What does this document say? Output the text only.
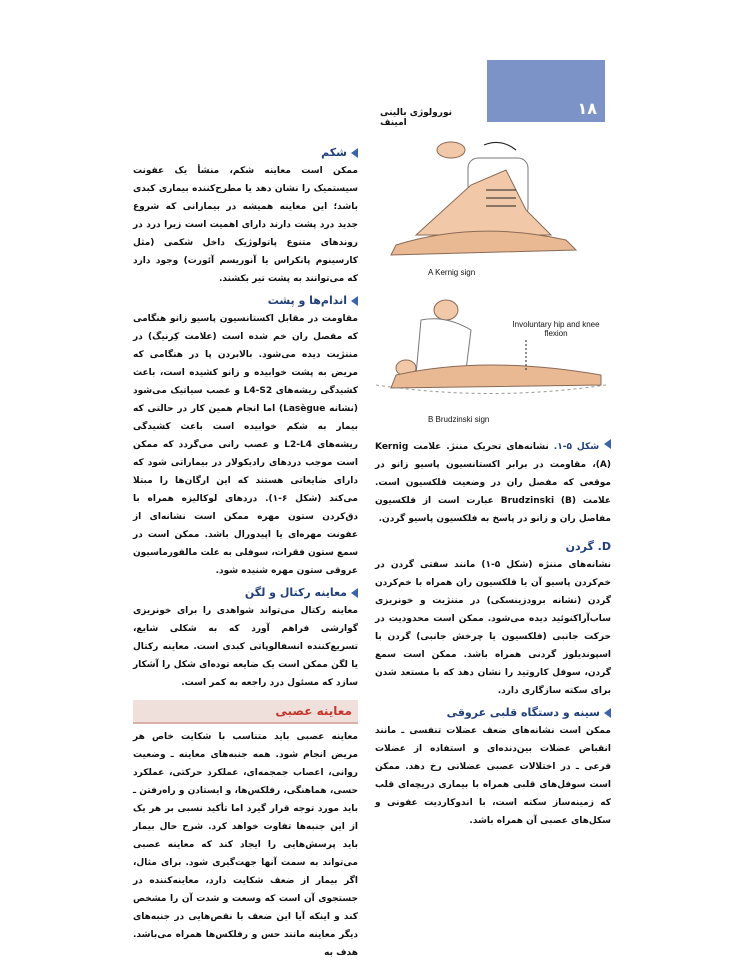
۱۸
نورولوژی بالینی امینف
A Kernig sign
Involuntary hip and knee flexion
B Brudzinski sign
شکم

ممکن است معاینه شکم، منشأ یک عفونت سیستمیک را نشان دهد یا مطرح‌کننده بیماری کبدی باشد؛ این معاینه همیشه در بیمارانی که شروع جدید درد پشت دارند دارای اهمیت است زیرا درد در روندهای متنوع پاتولوژیک داخل شکمی (مثل کارسینوم پانکراس یا آنوریسم آئورت) وجود دارد که می‌توانند به پشت تیر بکشند.

اندام‌ها و پشت

مقاومت در مقابل اکستانسیون پاسیو زانو هنگامی که مفصل ران خم شده است (علامت کِرنیگ) در مننژیت دیده می‌شود. بالابردن پا در هنگامی که مریض به پشت خوابیده و زانو کشیده است، باعث کشیدگی ریشه‌های L4-S2 و عصب سیاتیک می‌شود (نشانه Lasègue) اما انجام همین کار در حالتی که بیمار به شکم خوابیده است باعث کشیدگی ریشه‌های L2-L4 و عصب رانی می‌گردد که ممکن است موجب دردهای رادیکولار در بیماراتی شود که دارای ضایعاتی هستند که این ارگان‌ها را مبتلا می‌کند (شکل ۶-۱). دردهای لوکالیزه همراه با دق‌کردن ستون مهره ممکن است نشانه‌ای از عفونت مهره‌ای یا اپیدورال باشد. ممکن است در سمع ستون فقرات، سوفلی به علت مالفورماسیون عروقی ستون مهره شنیده شود.

معاینه رکتال و لگن

معاینه رکتال می‌تواند شواهدی را برای خونریزی گوارشی فراهم آورد که به شکلی شایع، تسریع‌کننده انسفالوپاتی کبدی است. معاینه رکتال یا لگن ممکن است یک ضایعه توده‌ای شکل را آشکار سازد که مسئول درد راجعه به کمر است.

معاینه عصبی

معاینه عصبی باید متناسب با شکایت خاص هر مریض انجام شود. همه جنبه‌های معاینه ـ وضعیت روانی، اعصاب جمجمه‌ای، عملکرد حرکتی، عملکرد حسی، هماهنگی، رفلکس‌ها، و ایستادن و راه‌رفتن ـ باید مورد توجه قرار گیرد اما تأکید نسبی بر هر یک از این جنبه‌ها تفاوت خواهد کرد. شرح حال بیمار باید پرسش‌هایی را ایجاد کند که معاینه عصبی می‌تواند به سمت آنها جهت‌گیری شود. برای مثال، اگر بیمار از ضعف شکایت دارد، معاینه‌کننده در جستجوی آن است که وسعت و شدت آن را مشخص کند و اینکه آیا این ضعف با نقص‌هایی در جنبه‌های دیگر معاینه مانند حس و رفلکس‌ها همراه می‌باشد. هدف به

شکل ۵-۱. نشانه‌های تحریک مننژ. علامت Kernig (A)، مقاومت در برابر اکستانسیون پاسیو زانو در موقعی که مفصل ران در وضعیت فلکسیون است. علامت Brudzinski (B) عبارت است از فلکسیون مفاصل ران و زانو در پاسخ به فلکسیون پاسیو گردن.

D. گردن

نشانه‌های مننژه (شکل ۵-۱) مانند سفتی گردن در خم‌کردن پاسیو آن یا فلکسیون ران همراه با خم‌کردن گردن (نشانه برودزینسکی) در مننژیت و خونریزی ساب‌آراکنوئید دیده می‌شود. ممکن است محدودیت در حرکت جانبی (فلکسیون یا چرخش جانبی) گردن با اسپوندیلوز گردنی همراه باشد. ممکن است سمع گردن، سوفل کاروتید را نشان دهد که با مستعد شدن برای سکته سازگاری دارد.

سینه و دستگاه قلبی عروقی

ممکن است نشانه‌های ضعف عضلات تنفسی ـ مانند انقباض عضلات بین‌دنده‌ای و استفاده از عضلات فرعی ـ در اختلالات عصبی عضلانی رخ دهد. ممکن است سوفل‌های قلبی همراه با بیماری دریچه‌ای قلب که زمینه‌ساز سکته است، با اندوکاردیت عفونی و سکل‌های عصبی آن همراه باشد.
